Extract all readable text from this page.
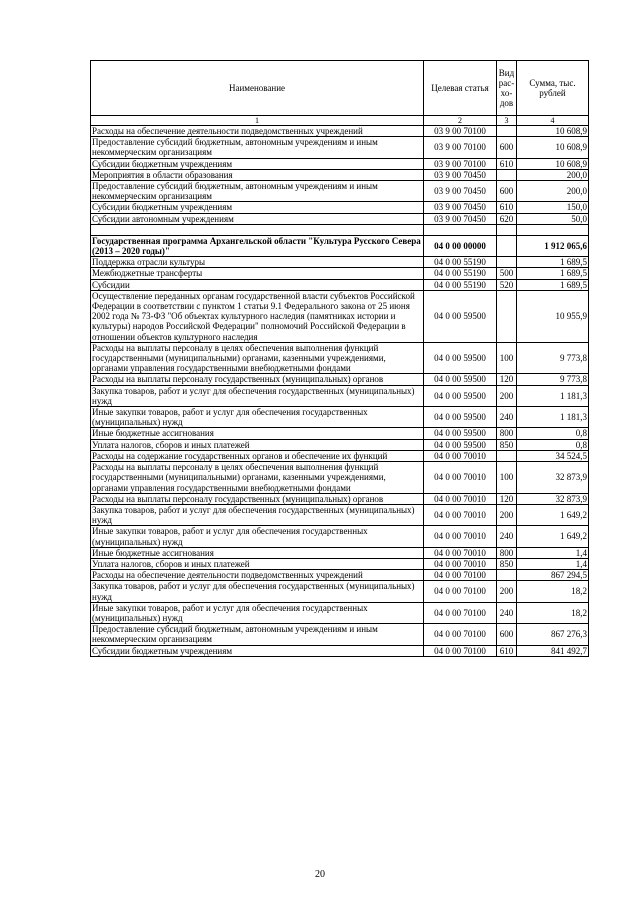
Наименование	Целевая статья	Вид рас- хо- дов	Сумма, тыс. рублей
1	2	3	4
Расходы на обеспечение деятельности подведомственных учреждений	03 9 00 70100		10 608,9
Предоставление субсидий бюджетным, автономным учреждениям и иным некоммерческим организациям	03 9 00 70100	600	10 608,9
Субсидии бюджетным учреждениям	03 9 00 70100	610	10 608,9
Мероприятия в области образования	03 9 00 70450		200,0
Предоставление субсидий бюджетным, автономным учреждениям и иным некоммерческим организациям	03 9 00 70450	600	200,0
Субсидии бюджетным учреждениям	03 9 00 70450	610	150,0
Субсидии автономным учреждениям	03 9 00 70450	620	50,0

Государственная программа Архангельской области "Культура Русского Севера (2013 – 2020 годы)"	04 0 00 00000		1 912 065,6
Поддержка отрасли культуры	04 0 00 55190		1 689,5
Межбюджетные трансферты	04 0 00 55190	500	1 689,5
Субсидии	04 0 00 55190	520	1 689,5
Осуществление переданных органам государственной власти субъектов Российской Федерации в соответствии с пунктом 1 статьи 9.1 Федерального закона от 25 июня 2002 года № 73-ФЗ "Об объектах культурного наследия (памятниках истории и культуры) народов Российской Федерации" полномочий Российской Федерации в отношении объектов культурного наследия	04 0 00 59500		10 955,9
Расходы на выплаты персоналу в целях обеспечения выполнения функций государственными (муниципальными) органами, казенными учреждениями, органами управления государственными внебюджетными фондами	04 0 00 59500	100	9 773,8
Расходы на выплаты персоналу государственных (муниципальных) органов	04 0 00 59500	120	9 773,8
Закупка товаров, работ и услуг для обеспечения государственных (муниципальных) нужд	04 0 00 59500	200	1 181,3
Иные закупки товаров, работ и услуг для обеспечения государственных (муниципальных) нужд	04 0 00 59500	240	1 181,3
Иные бюджетные ассигнования	04 0 00 59500	800	0,8
Уплата налогов, сборов и иных платежей	04 0 00 59500	850	0,8
Расходы на содержание государственных органов и обеспечение их функций	04 0 00 70010		34 524,5
Расходы на выплаты персоналу в целях обеспечения выполнения функций государственными (муниципальными) органами, казенными учреждениями, органами управления государственными внебюджетными фондами	04 0 00 70010	100	32 873,9
Расходы на выплаты персоналу государственных (муниципальных) органов	04 0 00 70010	120	32 873,9
Закупка товаров, работ и услуг для обеспечения государственных (муниципальных) нужд	04 0 00 70010	200	1 649,2
Иные закупки товаров, работ и услуг для обеспечения государственных (муниципальных) нужд	04 0 00 70010	240	1 649,2
Иные бюджетные ассигнования	04 0 00 70010	800	1,4
Уплата налогов, сборов и иных платежей	04 0 00 70010	850	1,4
Расходы на обеспечение деятельности подведомственных учреждений	04 0 00 70100		867 294,5
Закупка товаров, работ и услуг для обеспечения государственных (муниципальных) нужд	04 0 00 70100	200	18,2
Иные закупки товаров, работ и услуг для обеспечения государственных (муниципальных) нужд	04 0 00 70100	240	18,2
Предоставление субсидий бюджетным, автономным учреждениям и иным некоммерческим организациям	04 0 00 70100	600	867 276,3
Субсидии бюджетным учреждениям	04 0 00 70100	610	841 492,7
20
